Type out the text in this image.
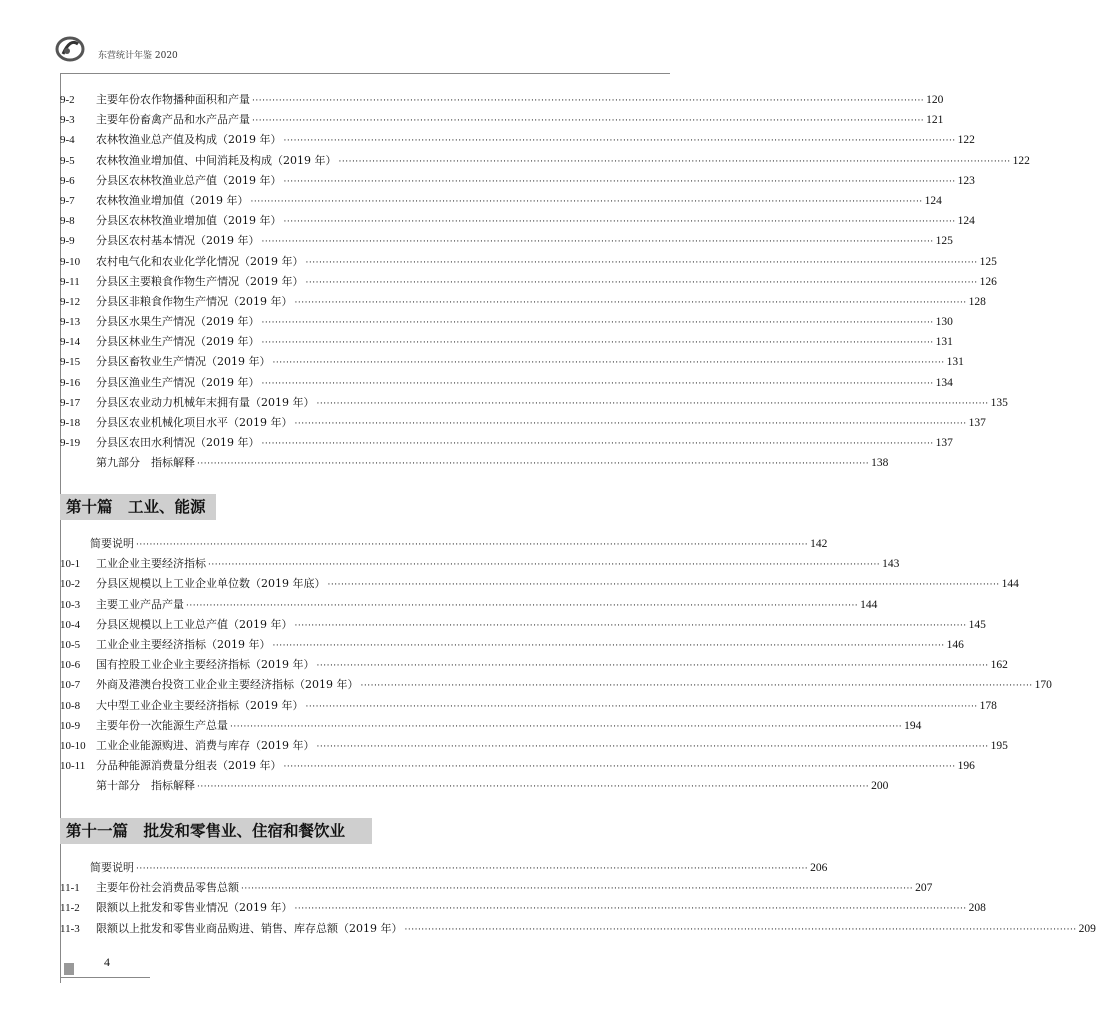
东营统计年鉴 2020
9-2	主要年份农作物播种面积和产量 ········································································································································································································ 120
9-3	主要年份畜禽产品和水产品产量 ········································································································································································································ 121
9-4	农林牧渔业总产值及构成（2019 年） ········································································································································································································ 122
9-5	农林牧渔业增加值、中间消耗及构成（2019 年） ········································································································································································································ 122
9-6	分县区农林牧渔业总产值（2019 年） ········································································································································································································ 123
9-7	农林牧渔业增加值（2019 年） ········································································································································································································ 124
9-8	分县区农林牧渔业增加值（2019 年） ········································································································································································································ 124
9-9	分县区农村基本情况（2019 年） ········································································································································································································ 125
9-10	农村电气化和农业化学化情况（2019 年） ········································································································································································································ 125
9-11	分县区主要粮食作物生产情况（2019 年） ········································································································································································································ 126
9-12	分县区非粮食作物生产情况（2019 年） ········································································································································································································ 128
9-13	分县区水果生产情况（2019 年） ········································································································································································································ 130
9-14	分县区林业生产情况（2019 年） ········································································································································································································ 131
9-15	分县区畜牧业生产情况（2019 年） ········································································································································································································ 131
9-16	分县区渔业生产情况（2019 年） ········································································································································································································ 134
9-17	分县区农业动力机械年末拥有量（2019 年） ········································································································································································································ 135
9-18	分县区农业机械化项目水平（2019 年） ········································································································································································································ 137
9-19	分县区农田水利情况（2019 年） ········································································································································································································ 137
第九部分　指标解释 ········································································································································································································ 138
第十篇　工业、能源
简要说明 ········································································································································································································ 142
10-1	工业企业主要经济指标 ········································································································································································································ 143
10-2	分县区规模以上工业企业单位数（2019 年底） ········································································································································································································ 144
10-3	主要工业产品产量 ········································································································································································································ 144
10-4	分县区规模以上工业总产值（2019 年） ········································································································································································································ 145
10-5	工业企业主要经济指标（2019 年） ········································································································································································································ 146
10-6	国有控股工业企业主要经济指标（2019 年） ········································································································································································································ 162
10-7	外商及港澳台投资工业企业主要经济指标（2019 年） ········································································································································································································ 170
10-8	大中型工业企业主要经济指标（2019 年） ········································································································································································································ 178
10-9	主要年份一次能源生产总量 ········································································································································································································ 194
10-10 工业企业能源购进、消费与库存（2019 年） ········································································································································································································ 195
10-11 分品种能源消费量分组表（2019 年） ········································································································································································································ 196
第十部分　指标解释 ········································································································································································································ 200
第十一篇　批发和零售业、住宿和餐饮业
简要说明 ········································································································································································································ 206
11-1	主要年份社会消费品零售总额 ········································································································································································································ 207
11-2	限额以上批发和零售业情况（2019 年） ········································································································································································································ 208
11-3	限额以上批发和零售业商品购进、销售、库存总额（2019 年） ········································································································································································································ 209
4
